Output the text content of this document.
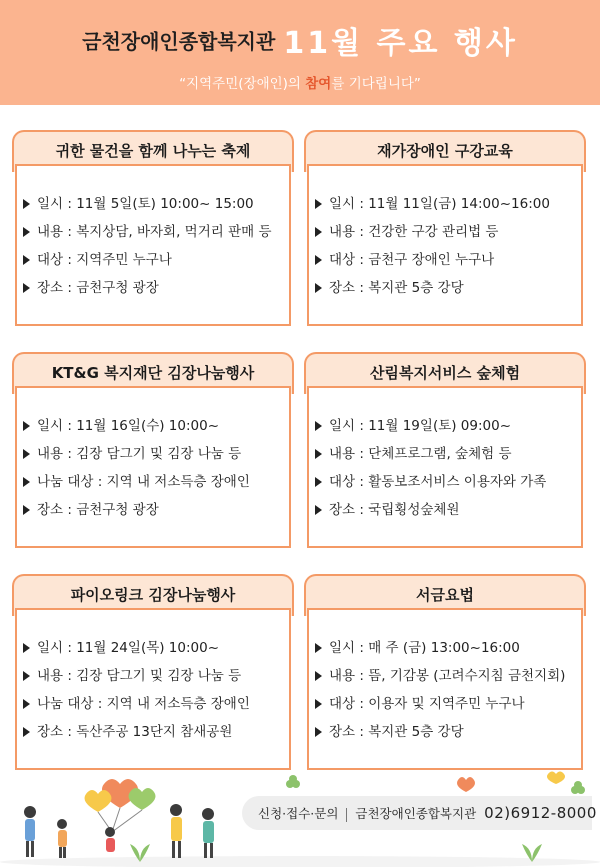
금천장애인종합복지관 11월 주요 행사
“지역주민(장애인)의 참여를 기다립니다”
귀한 물건을 함께 나누는 축제
일시 : 11월 5일(토) 10:00~ 15:00
내용 : 복지상담, 바자회, 먹거리 판매 등
대상 : 지역주민 누구나
장소 : 금천구청 광장
재가장애인 구강교육
일시 : 11월 11일(금) 14:00~16:00
내용 : 건강한 구강 관리법 등
대상 : 금천구 장애인 누구나
장소 : 복지관 5층 강당
KT&G 복지재단 김장나눔행사
일시 : 11월 16일(수) 10:00~
내용 : 김장 담그기 및 김장 나눔 등
나눔 대상 : 지역 내 저소득층 장애인
장소 : 금천구청 광장
산림복지서비스 숲체험
일시 : 11월 19일(토) 09:00~
내용 : 단체프로그램, 숲체험 등
대상 : 활동보조서비스 이용자와 가족
장소 : 국립횡성숲체원
파이오링크 김장나눔행사
일시 : 11월 24일(목) 10:00~
내용 : 김장 담그기 및 김장 나눔 등
나눔 대상 : 지역 내 저소득층 장애인
장소 : 독산주공 13단지 참새공원
서금요법
일시 : 매 주 (금) 13:00~16:00
내용 : 뜸, 기감봉 (고려수지침 금천지회)
대상 : 이용자 및 지역주민 누구나
장소 : 복지관 5층 강당
신청·접수·문의 금천장애인종합복지관 02)6912-8000
